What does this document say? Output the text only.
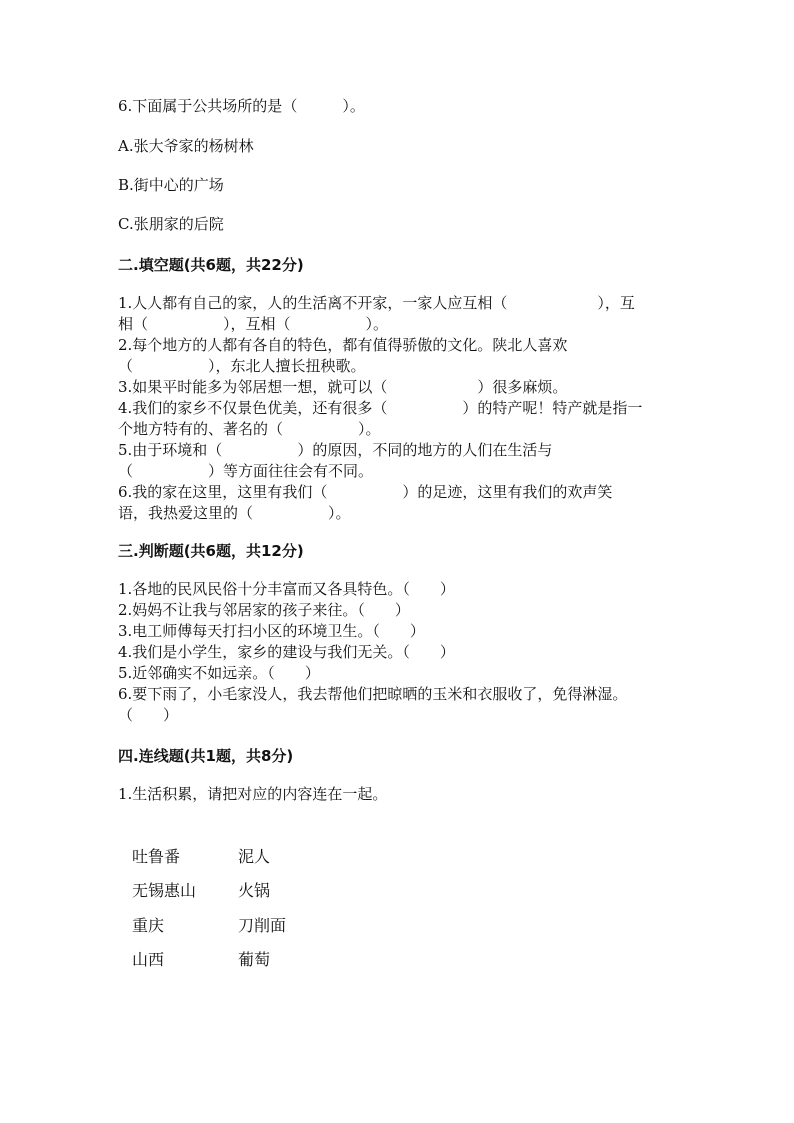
6.下面属于公共场所的是（　　　）。
A.张大爷家的杨树林
B.街中心的广场
C.张朋家的后院
二.填空题(共6题，共22分)

1.人人都有自己的家，人的生活离不开家，一家人应互相（　　　　　　），互

相（　　　　　），互相（　　　　　）。

2.每个地方的人都有各自的特色，都有值得骄傲的文化。陕北人喜欢

（　　　　　），东北人擅长扭秧歌。

3.如果平时能多为邻居想一想，就可以（　　　　　　）很多麻烦。

4.我们的家乡不仅景色优美，还有很多（　　　　　）的特产呢！特产就是指一

个地方特有的、著名的（　　　　　）。

5.由于环境和（　　　　　）的原因，不同的地方的人们在生活与

（　　　　　）等方面往往会有不同。

6.我的家在这里，这里有我们（　　　　　）的足迹，这里有我们的欢声笑

语，我热爱这里的（　　　　　）。

三.判断题(共6题，共12分)

1.各地的民风民俗十分丰富而又各具特色。（　　）

2.妈妈不让我与邻居家的孩子来往。（　　）

3.电工师傅每天打扫小区的环境卫生。（　　）

4.我们是小学生，家乡的建设与我们无关。（　　）

5.近邻确实不如远亲。（　　）

6.要下雨了，小毛家没人，我去帮他们把晾晒的玉米和衣服收了，免得淋湿。

（　　）

四.连线题(共1题，共8分)
1.生活积累，请把对应的内容连在一起。
吐鲁番
无锡惠山
重庆
山西
泥人
火锅
刀削面
葡萄
